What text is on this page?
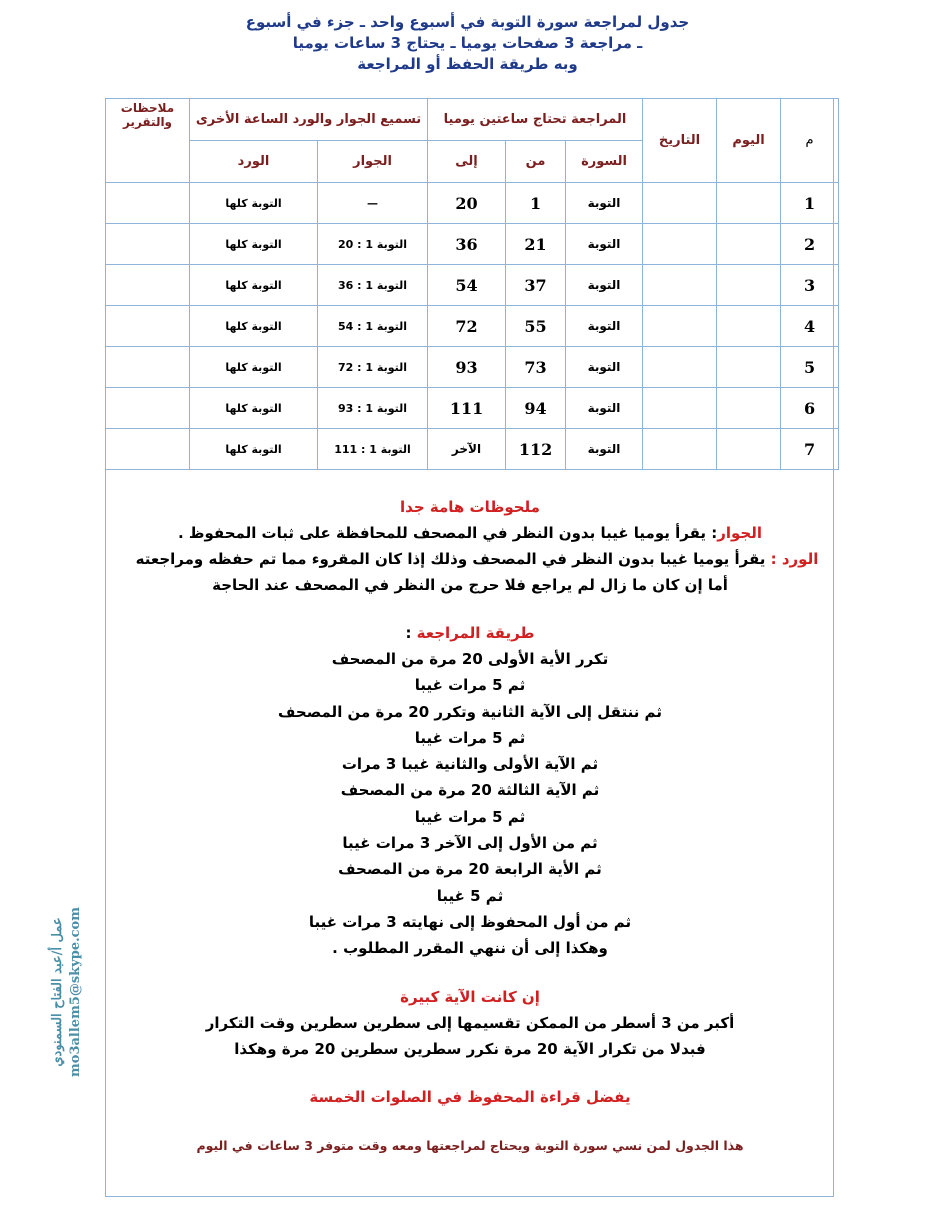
جدول لمراجعة سورة التوبة في أسبوع واحد ـ جزء في أسبوع
ـ مراجعة 3 صفحات يوميا ـ يحتاج 3 ساعات يوميا
وبه طريقة الحفظ أو المراجعة
م	اليوم	التاريخ	المراجعة تحتاج ساعتين يوميا			تسميع الجوار والورد الساعة الأخرى		ملاحظات والتقرير
			السورة	من	إلى	الجوار	الورد	
1			التوبة	1	20	—	التوبة كلها	
2			التوبة	21	36	التوبة 1 : 20	التوبة كلها	
3			التوبة	37	54	التوبة 1 : 36	التوبة كلها	
4			التوبة	55	72	التوبة 1 : 54	التوبة كلها	
5			التوبة	73	93	التوبة 1 : 72	التوبة كلها	
6			التوبة	94	111	التوبة 1 : 93	التوبة كلها	
7			التوبة	112	الآخر	التوبة 1 : 111	التوبة كلها	
ملحوظات هامة جدا
الجوار: يقرأ يوميا غيبا بدون النظر في المصحف للمحافظة على ثبات المحفوظ .
الورد : يقرأ يوميا غيبا بدون النظر في المصحف وذلك إذا كان المقروء مما تم حفظه ومراجعته
أما إن كان ما زال لم يراجع فلا حرج من النظر في المصحف عند الحاجة
طريقة المراجعة :
تكرر الأية الأولى 20 مرة من المصحف
ثم 5 مرات غيبا
ثم ننتقل إلى الآية الثانية وتكرر 20 مرة من المصحف
ثم 5 مرات غيبا
ثم الآية الأولى والثانية غيبا 3 مرات
ثم الآية الثالثة 20 مرة من المصحف
ثم 5 مرات غيبا
ثم من الأول إلى الآخر 3 مرات غيبا
ثم الأية الرابعة 20 مرة من المصحف
ثم 5 غيبا
ثم من أول المحفوظ إلى نهايته 3 مرات غيبا
وهكذا إلى أن ننهي المقرر المطلوب .
إن كانت الآية كبيرة
أكبر من 3 أسطر من الممكن تقسيمها إلى سطرين سطرين وقت التكرار
فبدلا من تكرار الآية 20 مرة نكرر سطرين سطرين 20 مرة وهكذا
يفضل قراءة المحفوظ في الصلوات الخمسة
هذا الجدول لمن نسي سورة التوبة ويحتاج لمراجعتها ومعه وقت متوفر 3 ساعات في اليوم
عمل أ/عبد الفتاح السمنودي mo3allem5@skype.com
